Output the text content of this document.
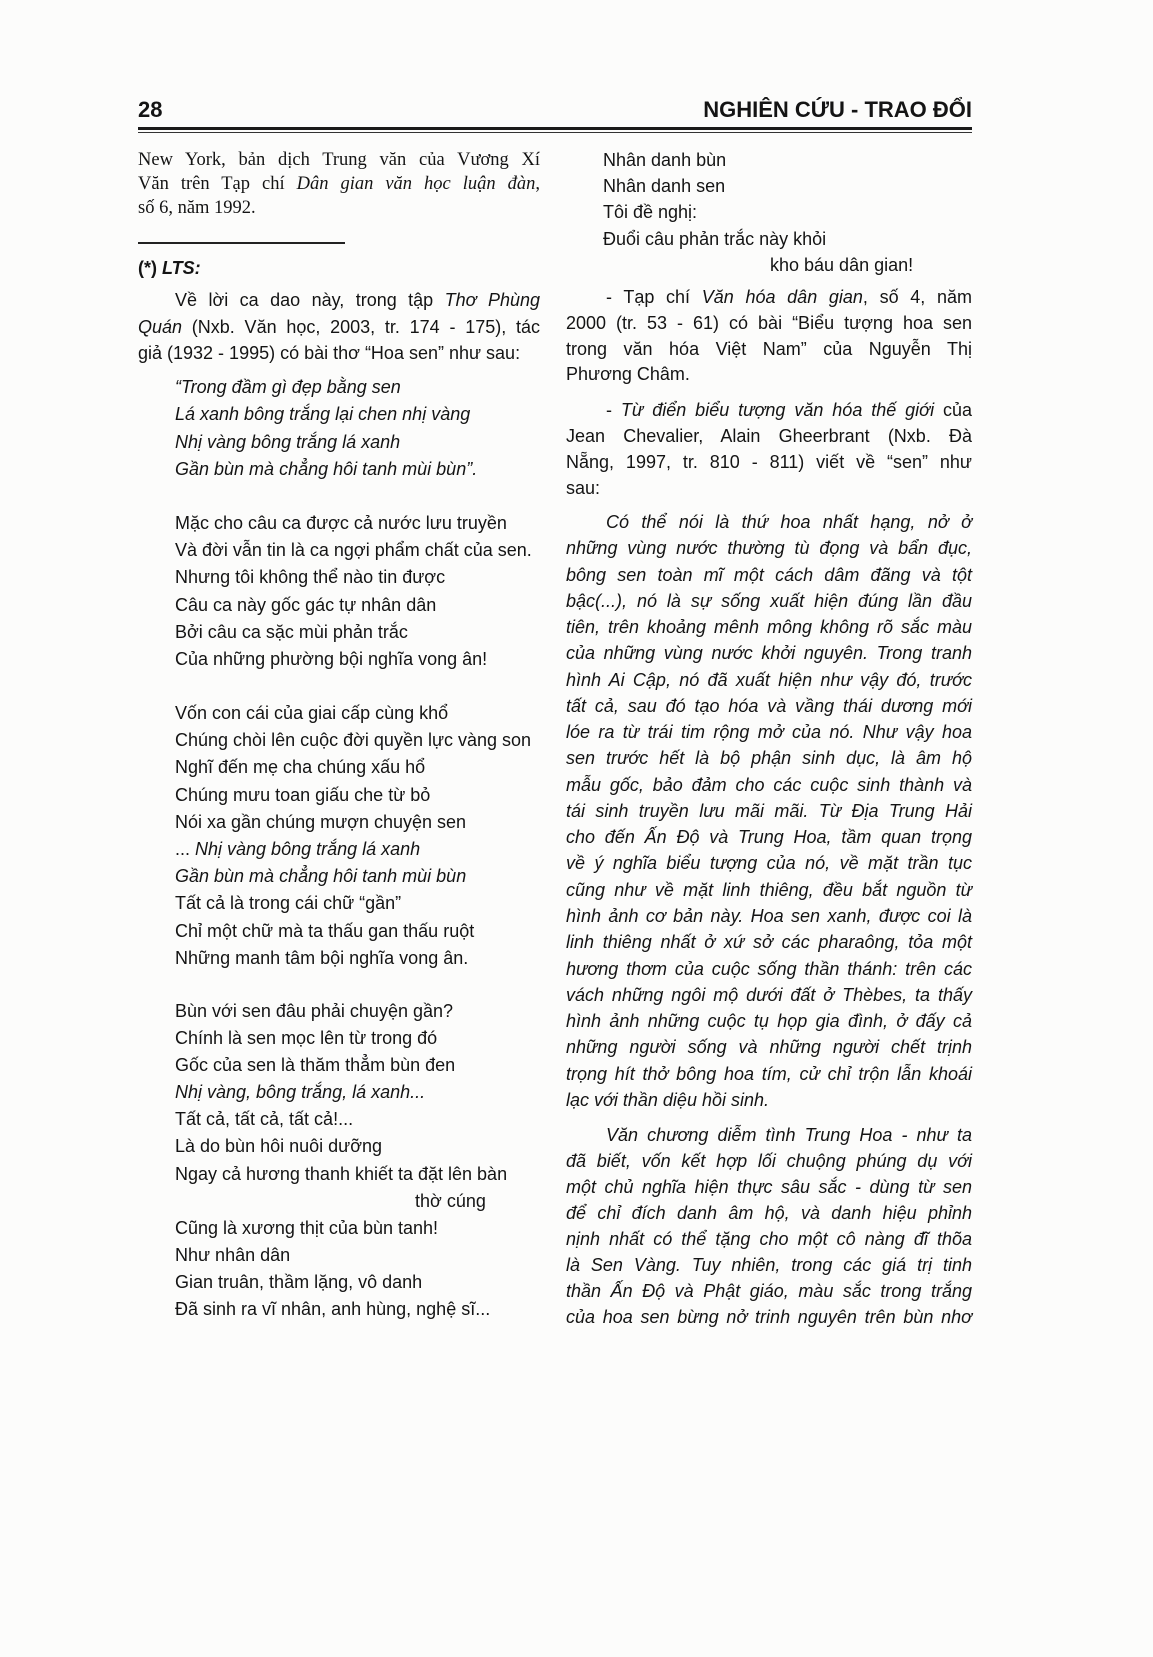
28	NGHIÊN CỨU - TRAO ĐỔI
New York, bản dịch Trung văn của Vương Xí
Văn trên Tạp chí Dân gian văn học luận đàn,
số 6, năm 1992.
(*) LTS:
Về lời ca dao này, trong tập Thơ Phùng
Quán (Nxb. Văn học, 2003, tr. 174 - 175), tác
giả (1932 - 1995) có bài thơ “Hoa sen” như sau:
“Trong đầm gì đẹp bằng sen
Lá xanh bông trắng lại chen nhị vàng
Nhị vàng bông trắng lá xanh
Gần bùn mà chẳng hôi tanh mùi bùn”.
Mặc cho câu ca được cả nước lưu truyền
Và đời vẫn tin là ca ngợi phẩm chất của sen.
Nhưng tôi không thể nào tin được
Câu ca này gốc gác tự nhân dân
Bởi câu ca sặc mùi phản trắc
Của những phường bội nghĩa vong ân!
Vốn con cái của giai cấp cùng khổ
Chúng chòi lên cuộc đời quyền lực vàng son
Nghĩ đến mẹ cha chúng xấu hổ
Chúng mưu toan giấu che từ bỏ
Nói xa gần chúng mượn chuyện sen
... Nhị vàng bông trắng lá xanh
Gần bùn mà chẳng hôi tanh mùi bùn
Tất cả là trong cái chữ “gần”
Chỉ một chữ mà ta thấu gan thấu ruột
Những manh tâm bội nghĩa vong ân.
Bùn với sen đâu phải chuyện gần?
Chính là sen mọc lên từ trong đó
Gốc của sen là thăm thẳm bùn đen
Nhị vàng, bông trắng, lá xanh...
Tất cả, tất cả, tất cả!...
Là do bùn hôi nuôi dưỡng
Ngay cả hương thanh khiết ta đặt lên bàn
thờ cúng
Cũng là xương thịt của bùn tanh!
Như nhân dân
Gian truân, thầm lặng, vô danh
Đã sinh ra vĩ nhân, anh hùng, nghệ sĩ...
Nhân danh bùn
Nhân danh sen
Tôi đề nghị:
Đuổi câu phản trắc này khỏi
kho báu dân gian!
- Tạp chí Văn hóa dân gian, số 4, năm
2000 (tr. 53 - 61) có bài “Biểu tượng hoa sen
trong văn hóa Việt Nam” của Nguyễn Thị
Phương Châm.
- Từ điển biểu tượng văn hóa thế giới của
Jean Chevalier, Alain Gheerbrant (Nxb. Đà
Nẵng, 1997, tr. 810 - 811) viết về “sen” như
sau:
Có thể nói là thứ hoa nhất hạng, nở ở
những vùng nước thường tù đọng và bẩn đục,
bông sen toàn mĩ một cách dâm đãng và tột
bậc(...), nó là sự sống xuất hiện đúng lần đầu
tiên, trên khoảng mênh mông không rõ sắc màu
của những vùng nước khởi nguyên. Trong tranh
hình Ai Cập, nó đã xuất hiện như vậy đó, trước
tất cả, sau đó tạo hóa và vầng thái dương mới
lóe ra từ trái tim rộng mở của nó. Như vậy hoa
sen trước hết là bộ phận sinh dục, là âm hộ
mẫu gốc, bảo đảm cho các cuộc sinh thành và
tái sinh truyền lưu mãi mãi. Từ Địa Trung Hải
cho đến Ấn Độ và Trung Hoa, tầm quan trọng
về ý nghĩa biểu tượng của nó, về mặt trần tục
cũng như về mặt linh thiêng, đều bắt nguồn từ
hình ảnh cơ bản này. Hoa sen xanh, được coi là
linh thiêng nhất ở xứ sở các pharaông, tỏa một
hương thơm của cuộc sống thần thánh: trên các
vách những ngôi mộ dưới đất ở Thèbes, ta thấy
hình ảnh những cuộc tụ họp gia đình, ở đấy cả
những người sống và những người chết trịnh
trọng hít thở bông hoa tím, cử chỉ trộn lẫn khoái
lạc với thần diệu hồi sinh.
Văn chương diễm tình Trung Hoa - như ta
đã biết, vốn kết hợp lối chuộng phúng dụ với
một chủ nghĩa hiện thực sâu sắc - dùng từ sen
để chỉ đích danh âm hộ, và danh hiệu phỉnh
nịnh nhất có thể tặng cho một cô nàng đĩ thõa
là Sen Vàng. Tuy nhiên, trong các giá trị tinh
thần Ấn Độ và Phật giáo, màu sắc trong trắng
của hoa sen bừng nở trinh nguyên trên bùn nhơ
